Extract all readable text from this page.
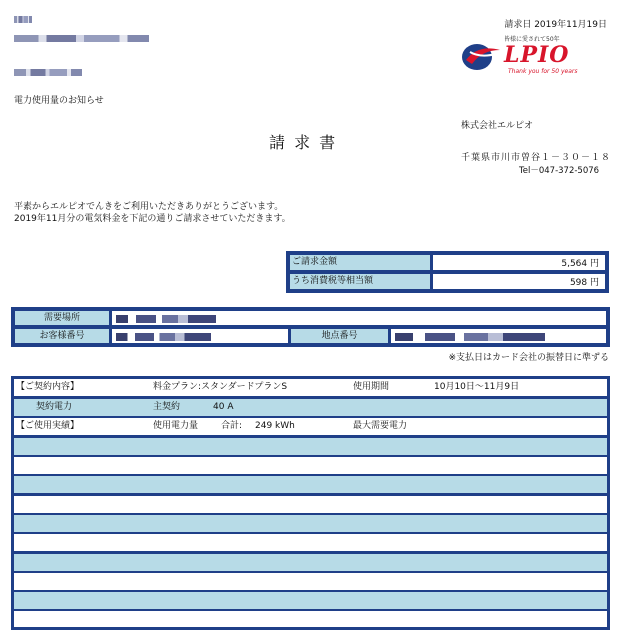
電力使用量のお知らせ
請求日 2019年11月19日
皆様に愛されて50年
LPIO
Thank you for 50 years
株式会社エルピオ
請 求 書
千葉県市川市曽谷１－３０－１８
Tel－047-372-5076
平素からエルピオでんきをご利用いただきありがとうございます。
2019年11月分の電気料金を下記の通りご請求させていただきます。
ご請求金額	5,564 円
うち消費税等相当額	598 円
需要場所
お客様番号	地点番号
※支払日はカード会社の振替日に準ずる
【ご契約内容】	料金プラン:スタンダードプランS	使用期間	10月10日～11月9日
契約電力	主契約	40 A
【ご使用実績】	使用電力量	合計: 249 kWh	最大需要電力
